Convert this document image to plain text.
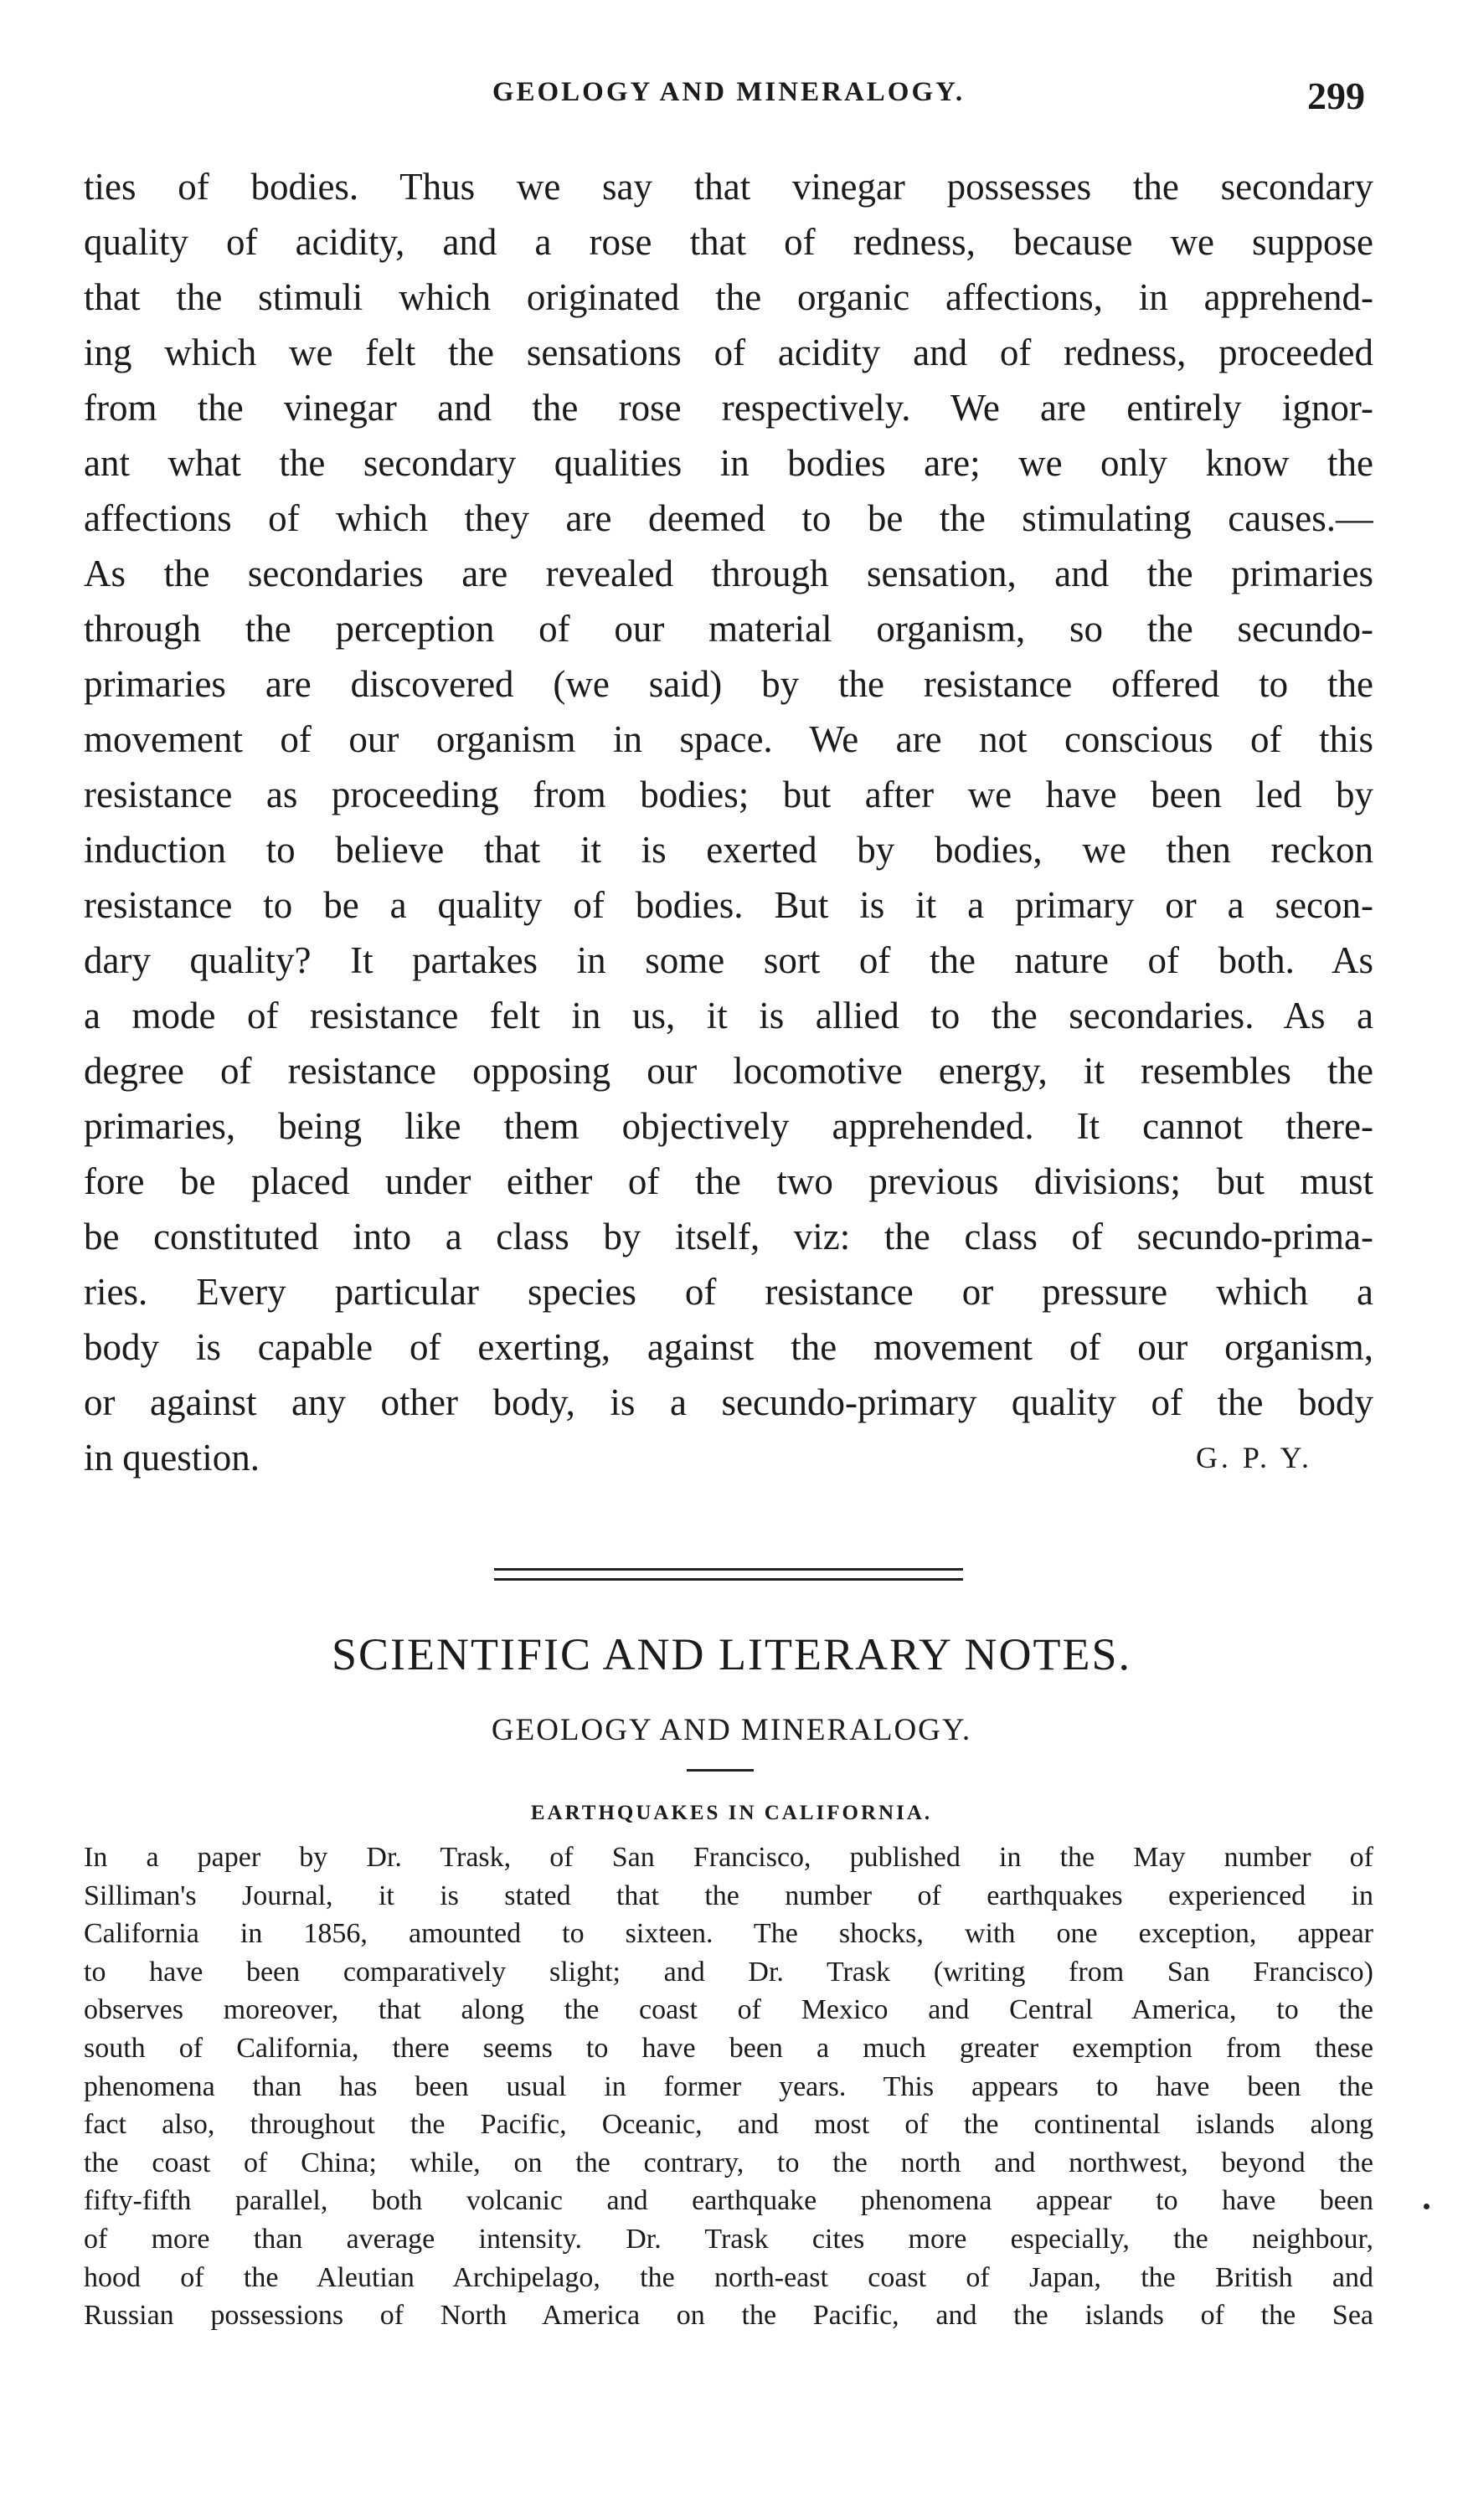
GEOLOGY AND MINERALOGY.	299
ties of bodies. Thus we say that vinegar possesses the secondary
quality of acidity, and a rose that of redness, because we suppose
that the stimuli which originated the organic affections, in apprehend-
ing which we felt the sensations of acidity and of redness, proceeded
from the vinegar and the rose respectively. We are entirely ignor-
ant what the secondary qualities in bodies are; we only know the
affections of which they are deemed to be the stimulating causes.—
As the secondaries are revealed through sensation, and the primaries
through the perception of our material organism, so the secundo-
primaries are discovered (we said) by the resistance offered to the
movement of our organism in space. We are not conscious of this
resistance as proceeding from bodies; but after we have been led by
induction to believe that it is exerted by bodies, we then reckon
resistance to be a quality of bodies. But is it a primary or a secon-
dary quality? It partakes in some sort of the nature of both. As
a mode of resistance felt in us, it is allied to the secondaries. As a
degree of resistance opposing our locomotive energy, it resembles the
primaries, being like them objectively apprehended. It cannot there-
fore be placed under either of the two previous divisions; but must
be constituted into a class by itself, viz: the class of secundo-prima-
ries. Every particular species of resistance or pressure which a
body is capable of exerting, against the movement of our organism,
or against any other body, is a secundo-primary quality of the body
in question.	G. P. Y.
SCIENTIFIC AND LITERARY NOTES.
GEOLOGY AND MINERALOGY.
EARTHQUAKES IN CALIFORNIA.
In a paper by Dr. Trask, of San Francisco, published in the May number of
Silliman's Journal, it is stated that the number of earthquakes experienced in
California in 1856, amounted to sixteen. The shocks, with one exception, appear
to have been comparatively slight; and Dr. Trask (writing from San Francisco)
observes moreover, that along the coast of Mexico and Central America, to the
south of California, there seems to have been a much greater exemption from these
phenomena than has been usual in former years. This appears to have been the
fact also, throughout the Pacific, Oceanic, and most of the continental islands along
the coast of China; while, on the contrary, to the north and northwest, beyond the
fifty-fifth parallel, both volcanic and earthquake phenomena appear to have been
of more than average intensity. Dr. Trask cites more especially, the neighbour,
hood of the Aleutian Archipelago, the north-east coast of Japan, the British and
Russian possessions of North America on the Pacific, and the islands of the Sea
